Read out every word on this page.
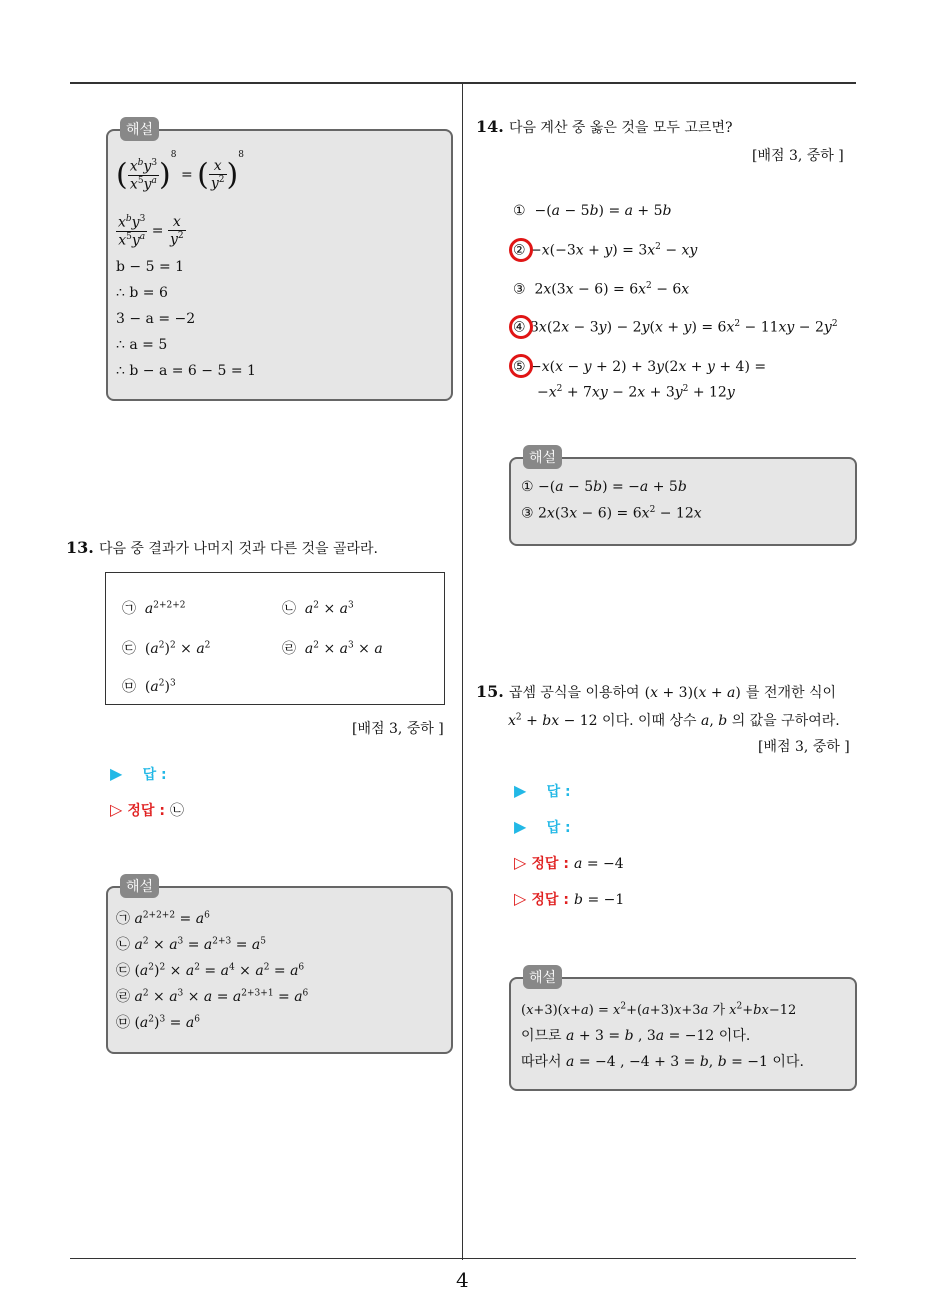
4
해설
( $\frac{x^by^3}{x^5y^a} )^8$ = ( $\frac{x}{y^2} )^8$
$\frac{x^by^3}{x^5y^a} = \frac{x}{y^2}$
b − 5 = 1
∴ b = 6
3 − a = −2
∴ a = 5
∴ b − a = 6 − 5 = 1
13. 다음 중 결과가 나머지 것과 다른 것을 골라라.
㉠ $a^{2+2+2}$	㉡ $a^2 \times a^3$
㉢  $(a^2)^2 \times a^2$	㉣ $a^2 \times a^3 \times a$
㉤  $(a^2)^3$
[배점 3, 중하 ]
▶ 답 :
▷ 정답 : ㉡
해설
㉠ $a^{2+2+2} = a^6$
㉡ $a^2 \times a^3 = a^{2+3} = a^5$
㉢ $(a^2)^2 \times a^2 = a^4 \times a^2 = a^6$
㉣ $a^2 \times a^3 \times a = a^{2+3+1} = a^6$
㉤ $(a^2)^3 = a^6$
14. 다음 계산 중 옳은 것을 모두 고르면?
[배점 3, 중하 ]
①  −(a − 5b) = a + 5b
② $-x(-3x + y) = 3x^2$ − xy
③  $2x(3x - 6) = 6x^2 - 6x$
④ $3x(2x - 3y) - 2y(x + y) = 6x^2 - 11xy - 2y^2$
⑤ −x(x − y + 2) + 3y(2x + y + 4) =
$-x^2 + 7xy - 2x + 3y^2 + 12y$
해설
① −(a − 5b) = −a + 5b
③ $2x(3x - 6) = 6x^2 - 12x$
15. 곱셈 공식을 이용하여 (x + 3)(x + a) 를 전개한 식이
$x^2$ + bx − 12 이다. 이때 상수 a, b 의 값을 구하여라.
[배점 3, 중하 ]
▶ 답 :
▶ 답 :
▷ 정답 : a = −4
▷ 정답 : b = −1
해설
$(x+3)(x+a) = x^2+(a+3)x+3a$ 가 $x^2+bx-12$
이므로 a + 3 = b , 3a = −12 이다.
따라서 a = −4 , −4 + 3 = b, b = −1 이다.
